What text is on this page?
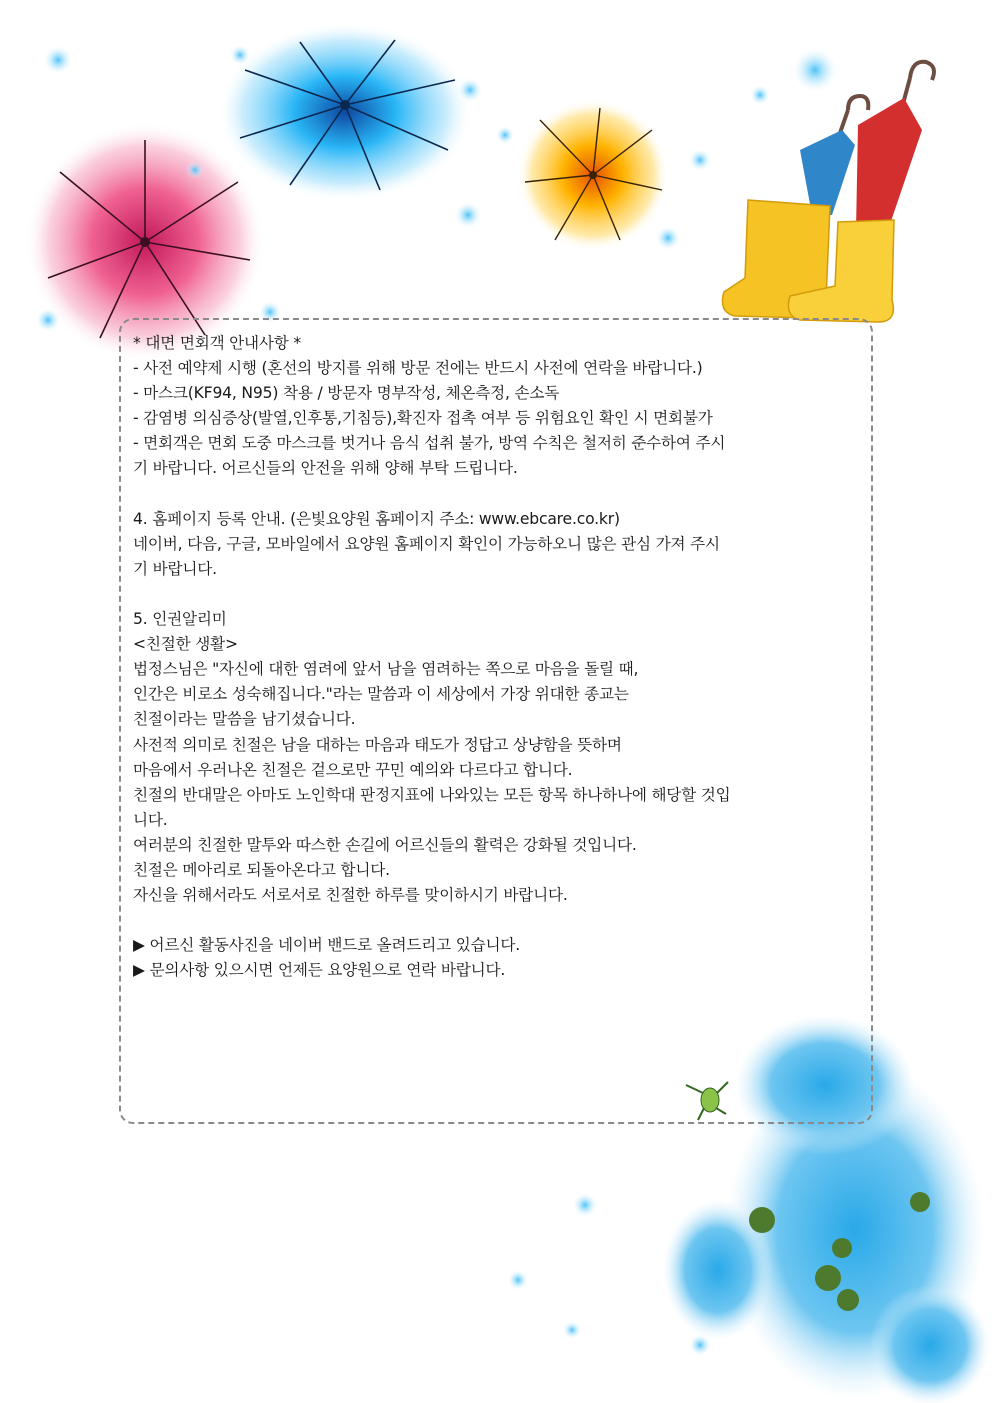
* 대면 면회객 안내사항 *
- 사전 예약제 시행 (혼선의 방지를 위해 방문 전에는 반드시 사전에 연락을 바랍니다.)
- 마스크(KF94, N95) 착용 / 방문자 명부작성, 체온측정, 손소독
- 감염병 의심증상(발열,인후통,기침등),확진자 접촉 여부 등 위험요인 확인 시 면회불가
- 면회객은 면회 도중 마스크를 벗거나 음식 섭취 불가, 방역 수칙은 철저히 준수하여 주시
기 바랍니다. 어르신들의 안전을 위해 양해 부탁 드립니다.
4. 홈페이지 등록 안내. (은빛요양원 홈페이지 주소: www.ebcare.co.kr)
네이버, 다음, 구글, 모바일에서 요양원 홈페이지 확인이 가능하오니 많은 관심 가져 주시
기 바랍니다.
5. 인권알리미
<친절한 생활>
법정스님은 "자신에 대한 염려에 앞서 남을 염려하는 쪽으로 마음을 돌릴 때,
인간은 비로소 성숙해집니다."라는 말씀과 이 세상에서 가장 위대한 종교는
친절이라는 말씀을 남기셨습니다.
사전적 의미로 친절은 남을 대하는 마음과 태도가 정답고 상냥함을 뜻하며
마음에서 우러나온 친절은 겉으로만 꾸민 예의와 다르다고 합니다.
친절의 반대말은 아마도 노인학대 판정지표에 나와있는 모든 항목 하나하나에 해당할 것입
니다.
여러분의 친절한 말투와 따스한 손길에 어르신들의 활력은 강화될 것입니다.
친절은 메아리로 되돌아온다고 합니다.
자신을 위해서라도 서로서로 친절한 하루를 맞이하시기 바랍니다.
▶ 어르신 활동사진을 네이버 밴드로 올려드리고 있습니다.
▶ 문의사항 있으시면 언제든 요양원으로 연락 바랍니다.
